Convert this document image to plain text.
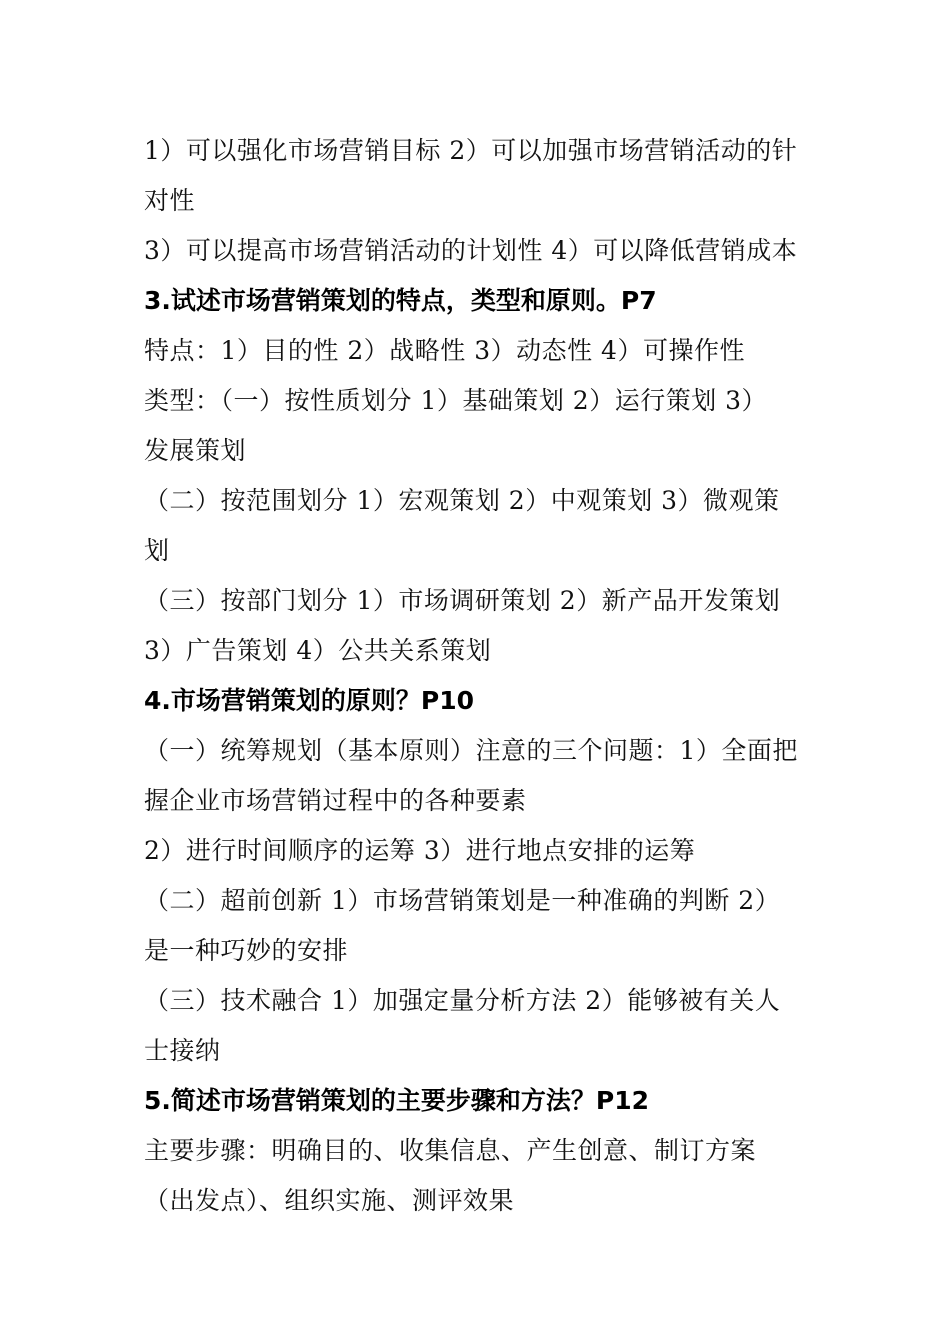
1）可以强化市场营销目标 2）可以加强市场营销活动的针
对性
3）可以提高市场营销活动的计划性 4）可以降低营销成本
3.试述市场营销策划的特点，类型和原则。P7
特点：1）目的性 2）战略性 3）动态性 4）可操作性
类型：（一）按性质划分 1）基础策划 2）运行策划 3）
发展策划
（二）按范围划分 1）宏观策划 2）中观策划 3）微观策
划
（三）按部门划分 1）市场调研策划 2）新产品开发策划
3）广告策划 4）公共关系策划
4.市场营销策划的原则？P10
（一）统筹规划（基本原则）注意的三个问题：1）全面把
握企业市场营销过程中的各种要素
2）进行时间顺序的运筹 3）进行地点安排的运筹
（二）超前创新 1）市场营销策划是一种准确的判断 2）
是一种巧妙的安排
（三）技术融合 1）加强定量分析方法 2）能够被有关人
士接纳
5.简述市场营销策划的主要步骤和方法？P12
主要步骤：明确目的、收集信息、产生创意、制订方案
（出发点）、组织实施、测评效果
